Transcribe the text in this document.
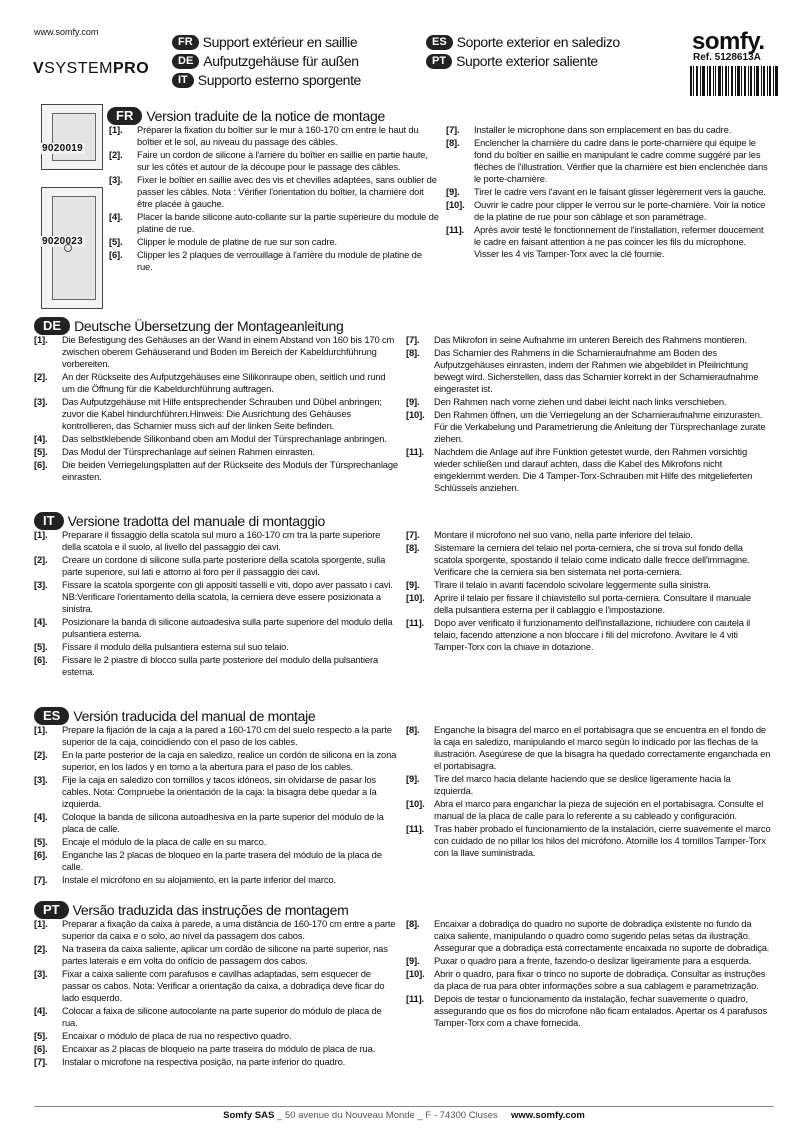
www.somfy.com
VSYSTEMPRO
FR Support extérieur en saillie
DE Aufputzgehäuse für außen
IT Supporto esterno sporgente
ES Soporte exterior en saledizo
PT Suporte exterior saliente
somfy.
Ref. 5128613A
9020019
9020023
FR Version traduite de la notice de montage
[1].	Préparer la fixation du boîtier sur le mur à 160-170 cm entre le haut du boîtier et le sol, au niveau du passage des câbles.
[2].	Faire un cordon de silicone à l'arrière du boîtier en saillie en partie haute, sur les côtés et autour de la découpe pour le passage des câbles.
[3].	Fixer le boîtier en saillie avec des vis et chevilles adaptées, sans oublier de passer les câbles. Nota : Vérifier l'orientation du boîtier, la charnière doit être placée à gauche.
[4].	Placer la bande silicone auto-collante sur la partie supérieure du module de platine de rue.
[5].	Clipper le module de platine de rue sur son cadre.
[6].	Clipper les 2 plaques de verrouillage à l'arrière du module de platine de rue.
[7].	Installer le microphone dans son emplacement en bas du cadre.
[8].	Enclencher la charnière du cadre dans le porte-charnière qui équipe le fond du boîtier en saillie en manipulant le cadre comme suggéré par les flèches de l'illustration. Vérifier que la charnière est bien enclenchée dans le porte-charnière.
[9].	Tirer le cadre vers l'avant en le faisant glisser légèrement vers la gauche.
[10].	Ouvrir le cadre pour clipper le verrou sur le porte-charnière. Voir la notice de la platine de rue pour son câblage et son paramétrage.
[11].	Après avoir testé le fonctionnement de l'installation, refermer doucement le cadre en faisant attention à ne pas coincer les fils du microphone. Visser les 4 vis Tamper-Torx avec la clé fournie.
DE Deutsche Übersetzung der Montageanleitung
[1].	Die Befestigung des Gehäuses an der Wand in einem Abstand von 160 bis 170 cm zwischen oberem Gehäuserand und Boden im Bereich der Kabeldurchführung vorbereiten.
[2].	An der Rückseite des Aufputzgehäuses eine Silikonraupe oben, seitlich und rund um die Öffnung für die Kabeldurchführung auftragen.
[3].	Das Aufputzgehäuse mit Hilfe entsprechender Schrauben und Dübel anbringen; zuvor die Kabel hindurchführen.Hinweis: Die Ausrichtung des Gehäuses kontrollieren, das Scharnier muss sich auf der linken Seite befinden.
[4].	Das selbstklebende Silikonband oben am Modul der Türsprechanlage anbringen.
[5].	Das Modul der Türsprechanlage auf seinen Rahmen einrasten.
[6].	Die beiden Verriegelungsplatten auf der Rückseite des Moduls der Türsprechanlage einrasten.
[7].	Das Mikrofon in seine Aufnahme im unteren Bereich des Rahmens montieren.
[8].	Das Scharnier des Rahmens in die Scharnieraufnahme am Boden des Aufputzgehäuses einrasten, indem der Rahmen wie abgebildet in Pfeilrichtung bewegt wird. Sicherstellen, dass das Scharnier korrekt in der Scharnieraufnahme eingerastet ist.
[9].	Den Rahmen nach vorne ziehen und dabei leicht nach links verschieben.
[10].	Den Rahmen öffnen, um die Verriegelung an der Scharnieraufnahme einzurasten. Für die Verkabelung und Parametrierung die Anleitung der Türsprechanlage zurate ziehen.
[11].	Nachdem die Anlage auf ihre Funktion getestet wurde, den Rahmen vorsichtig wieder schließen und darauf achten, dass die Kabel des Mikrofons nicht eingeklemmt werden. Die 4 Tamper-Torx-Schrauben mit Hilfe des mitgelieferten Schlüssels anziehen.
IT Versione tradotta del manuale di montaggio
[1].	Preparare il fissaggio della scatola sul muro a 160-170 cm tra la parte superiore della scatola e il suolo, al livello del passaggio dei cavi.
[2].	Creare un cordone di silicone sulla parte posteriore della scatola sporgente, sulla parte superiore, sui lati e attorno al foro per il passaggio dei cavi.
[3].	Fissare la scatola sporgente con gli appositi tasselli e viti, dopo aver passato i cavi. NB:Verificare l'orientamento della scatola, la cerniera deve essere posizionata a sinistra.
[4].	Posizionare la banda di silicone autoadesiva sulla parte superiore del modulo della pulsantiera esterna.
[5].	Fissare il modulo della pulsantiera esterna sul suo telaio.
[6].	Fissare le 2 piastre di blocco sulla parte posteriore del modulo della pulsantiera esterna.
[7].	Montare il microfono nel suo vano, nella parte inferiore del telaio.
[8].	Sistemare la cerniera del telaio nel porta-cerniera, che si trova sul fondo della scatola sporgente, spostando il telaio come indicato dalle frecce dell'immagine. Verificare che la cerniera sia ben sistemata nel porta-cerniera.
[9].	Tirare il telaio in avanti facendolo scivolare leggermente sulla sinistra.
[10].	Aprire il telaio per fissare il chiavistello sul porta-cerniera. Consultare il manuale della pulsantiera esterna per il cablaggio e l'impostazione.
[11].	Dopo aver verificato il funzionamento dell'installazione, richiudere con cautela il telaio, facendo attenzione a non bloccare i fili del microfono. Avvitare le 4 viti Tamper-Torx con la chiave in dotazione.
ES Versión traducida del manual de montaje
[1].	Prepare la fijación de la caja a la pared a 160-170 cm del suelo respecto a la parte superior de la caja, coincidiendo con el paso de los cables.
[2].	En la parte posterior de la caja en saledizo, realice un cordón de silicona en la zona superior, en los lados y en torno a la abertura para el paso de los cables.
[3].	Fije la caja en saledizo con tornillos y tacos idóneos, sin olvidarse de pasar los cables. Nota: Compruebe la orientación de la caja: la bisagra debe quedar a la izquierda.
[4].	Coloque la banda de silicona autoadhesiva en la parte superior del módulo de la placa de calle.
[5].	Encaje el módulo de la placa de calle en su marco.
[6].	Enganche las 2 placas de bloqueo en la parte trasera del módulo de la placa de calle.
[7].	Instale el micrófono en su alojamiento, en la parte inferior del marco.
[8].	Enganche la bisagra del marco en el portabisagra que se encuentra en el fondo de la caja en saledizo, manipulando el marco según lo indicado por las flechas de la ilustración. Asegúrese de que la bisagra ha quedado correctamente enganchada en el portabisagra.
[9].	Tire del marco hacia delante haciendo que se deslice ligeramente hacia la izquierda.
[10].	Abra el marco para enganchar la pieza de sujeción en el portabisagra. Consulte el manual de la placa de calle para lo referente a su cableado y configuración.
[11].	Tras haber probado el funcionamiento de la instalación, cierre suavemente el marco con cuidado de no pillar los hilos del micrófono. Atornille los 4 tornillos Tamper-Torx con la llave suministrada.
PT Versão traduzida das instruções de montagem
[1].	Preparar a fixação da caixa à parede, a uma distância de 160-170 cm entre a parte superior da caixa e o solo, ao nível da passagem dos cabos.
[2].	Na traseira da caixa saliente, aplicar um cordão de silicone na parte superior, nas partes laterais e em volta do orifício de passagem dos cabos.
[3].	Fixar a caixa saliente com parafusos e cavilhas adaptadas, sem esquecer de passar os cabos. Nota: Verificar a orientação da caixa, a dobradiça deve ficar do lado esquerdo.
[4].	Colocar a faixa de silicone autocolante na parte superior do módulo de placa de rua.
[5].	Encaixar o módulo de placa de rua no respectivo quadro.
[6].	Encaixar as 2 placas de bloqueio na parte traseira do módulo de placa de rua.
[7].	Instalar o microfone na respectiva posição, na parte inferior do quadro.
[8].	Encaixar a dobradiça do quadro no suporte de dobradiça existente no fundo da caixa saliente, manipulando o quadro como sugerido pelas setas da ilustração. Assegurar que a dobradiça está correctamente encaixada no suporte de dobradiça.
[9].	Puxar o quadro para a frente, fazendo-o deslizar ligeiramente para a esquerda.
[10].	Abrir o quadro, para fixar o trinco no suporte de dobradiça. Consultar as instruções da placa de rua para obter informações sobre a sua cablagem e parametrização.
[11].	Depois de testar o funcionamento da instalação, fechar suavemente o quadro, assegurando que os fios do microfone não ficam entalados. Apertar os 4 parafusos Tamper-Torx com a chave fornecida.
Somfy SAS _ 50 avenue du Nouveau Monde _ F - 74300 Cluses www.somfy.com
